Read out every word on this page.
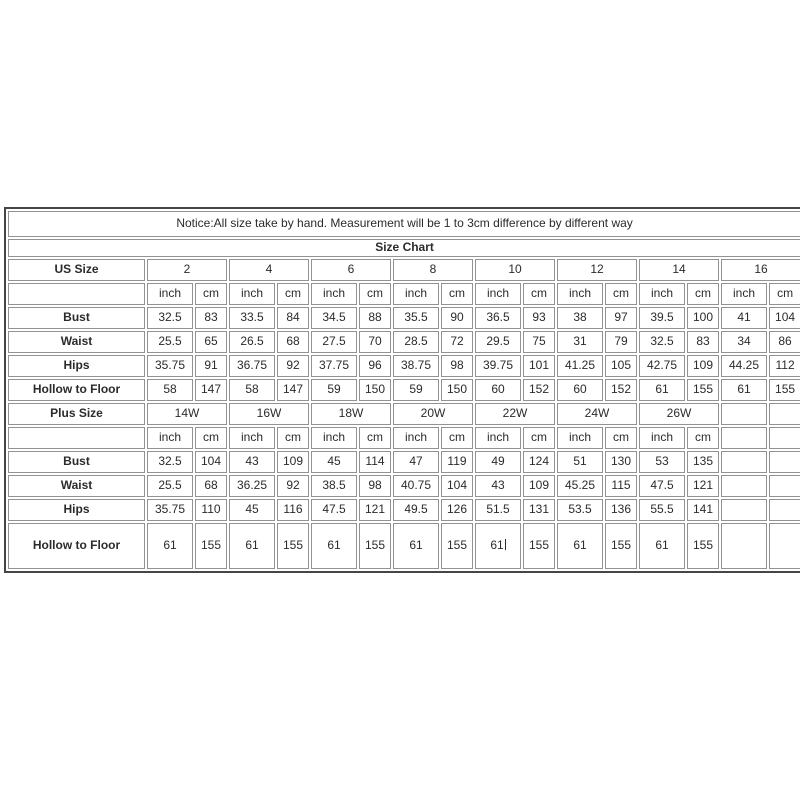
Notice:All size take by hand. Measurement will be 1 to 3cm difference by different way																
Size Chart																
US Size	2		4		6		8		10		12		14		16	
	inch	cm	inch	cm	inch	cm	inch	cm	inch	cm	inch	cm	inch	cm	inch	cm
Bust	32.5	83	33.5	84	34.5	88	35.5	90	36.5	93	38	97	39.5	100	41	104
Waist	25.5	65	26.5	68	27.5	70	28.5	72	29.5	75	31	79	32.5	83	34	86
Hips	35.75	91	36.75	92	37.75	96	38.75	98	39.75	101	41.25	105	42.75	109	44.25	112
Hollow to Floor	58	147	58	147	59	150	59	150	60	152	60	152	61	155	61	155
Plus Size	14W		16W		18W		20W		22W		24W		26W			
	inch	cm	inch	cm	inch	cm	inch	cm	inch	cm	inch	cm	inch	cm		
Bust	32.5	104	43	109	45	114	47	119	49	124	51	130	53	135		
Waist	25.5	68	36.25	92	38.5	98	40.75	104	43	109	45.25	115	47.5	121		
Hips	35.75	110	45	116	47.5	121	49.5	126	51.5	131	53.5	136	55.5	141		
Hollow to Floor	61	155	61	155	61	155	61	155	61	155	61	155	61	155		
